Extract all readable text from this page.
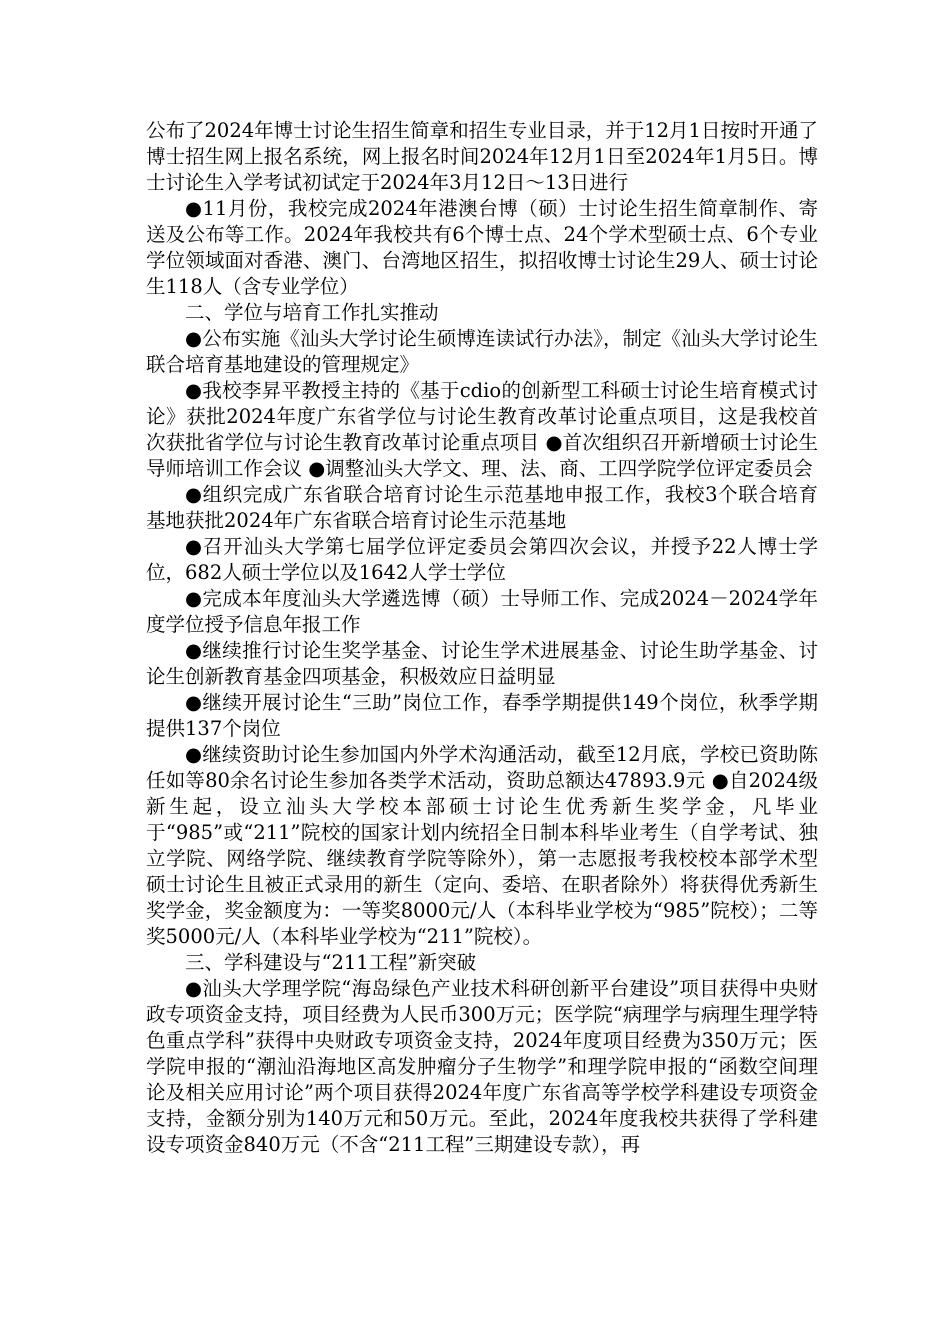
公布了2024年博士讨论生招生简章和招生专业目录，并于12月1日按时开通了博士招生网上报名系统，网上报名时间2024年12月1日至2024年1月5日。博士讨论生入学考试初试定于2024年3月12日～13日进行

●11月份，我校完成2024年港澳台博（硕）士讨论生招生简章制作、寄送及公布等工作。2024年我校共有6个博士点、24个学术型硕士点、6个专业学位领域面对香港、澳门、台湾地区招生，拟招收博士讨论生29人、硕士讨论生118人（含专业学位）

二、学位与培育工作扎实推动

●公布实施《汕头大学讨论生硕博连读试行办法》，制定《汕头大学讨论生联合培育基地建设的管理规定》

●我校李昇平教授主持的《基于cdio的创新型工科硕士讨论生培育模式讨论》获批2024年度广东省学位与讨论生教育改革讨论重点项目，这是我校首次获批省学位与讨论生教育改革讨论重点项目 ●首次组织召开新增硕士讨论生导师培训工作会议 ●调整汕头大学文、理、法、商、工四学院学位评定委员会

●组织完成广东省联合培育讨论生示范基地申报工作，我校3个联合培育基地获批2024年广东省联合培育讨论生示范基地

●召开汕头大学第七届学位评定委员会第四次会议，并授予22人博士学位，682人硕士学位以及1642人学士学位

●完成本年度汕头大学遴选博（硕）士导师工作、完成2024－2024学年度学位授予信息年报工作

●继续推行讨论生奖学基金、讨论生学术进展基金、讨论生助学基金、讨论生创新教育基金四项基金，积极效应日益明显

●继续开展讨论生“三助”岗位工作，春季学期提供149个岗位，秋季学期提供137个岗位

●继续资助讨论生参加国内外学术沟通活动，截至12月底，学校已资助陈任如等80余名讨论生参加各类学术活动，资助总额达47893.9元 ●自2024级新生起，设立汕头大学校本部硕士讨论生优秀新生奖学金，凡毕业于“985”或“211”院校的国家计划内统招全日制本科毕业考生（自学考试、独立学院、网络学院、继续教育学院等除外），第一志愿报考我校校本部学术型硕士讨论生且被正式录用的新生（定向、委培、在职者除外）将获得优秀新生奖学金，奖金额度为：一等奖8000元/人（本科毕业学校为“985”院校）；二等奖5000元/人（本科毕业学校为“211”院校）。

三、学科建设与“211工程”新突破

●汕头大学理学院“海岛绿色产业技术科研创新平台建设”项目获得中央财政专项资金支持，项目经费为人民币300万元；医学院“病理学与病理生理学特色重点学科”获得中央财政专项资金支持，2024年度项目经费为350万元；医学院申报的“潮汕沿海地区高发肿瘤分子生物学”和理学院申报的“函数空间理论及相关应用讨论”两个项目获得2024年度广东省高等学校学科建设专项资金支持，金额分别为140万元和50万元。至此，2024年度我校共获得了学科建设专项资金840万元（不含“211工程”三期建设专款），再
